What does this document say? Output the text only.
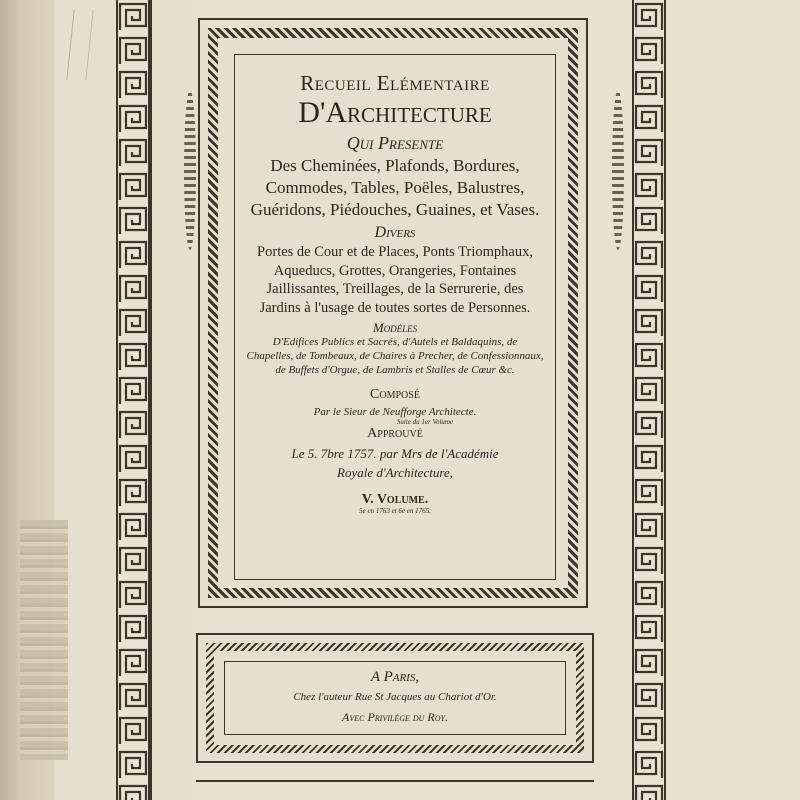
Recueil Elémentaire
D'Architecture
Qui Presente
Des Cheminées, Plafonds, Bordures,
Commodes, Tables, Poëles, Balustres,
Guéridons, Piédouches, Guaines, et Vases.
Divers
Portes de Cour et de Places, Ponts Triomphaux,
Aqueducs, Grottes, Orangeries, Fontaines
Jaillissantes, Treillages, de la Serrurerie, des
Jardins à l'usage de toutes sortes de Personnes.
Modéles
D'Edifices Publics et Sacrés, d'Autels et Baldaquins, de
Chapelles, de Tombeaux, de Chaires à Precher, de Confessionnaux,
de Buffets d'Orgue, de Lambris et Stalles de Cœur &c.
Composé
Par le Sieur de Neufforge Architecte.
Suite du 1er Volume
Approuvé
Le 5. 7bre 1757. par Mrs de l'Académie
Royale d'Architecture,
V. Volume.
5e en 1763 et 6e en 1765.
A Paris,
Chez l'auteur Rue St Jacques au Chariot d'Or.
Avec Privilége du Roy.
